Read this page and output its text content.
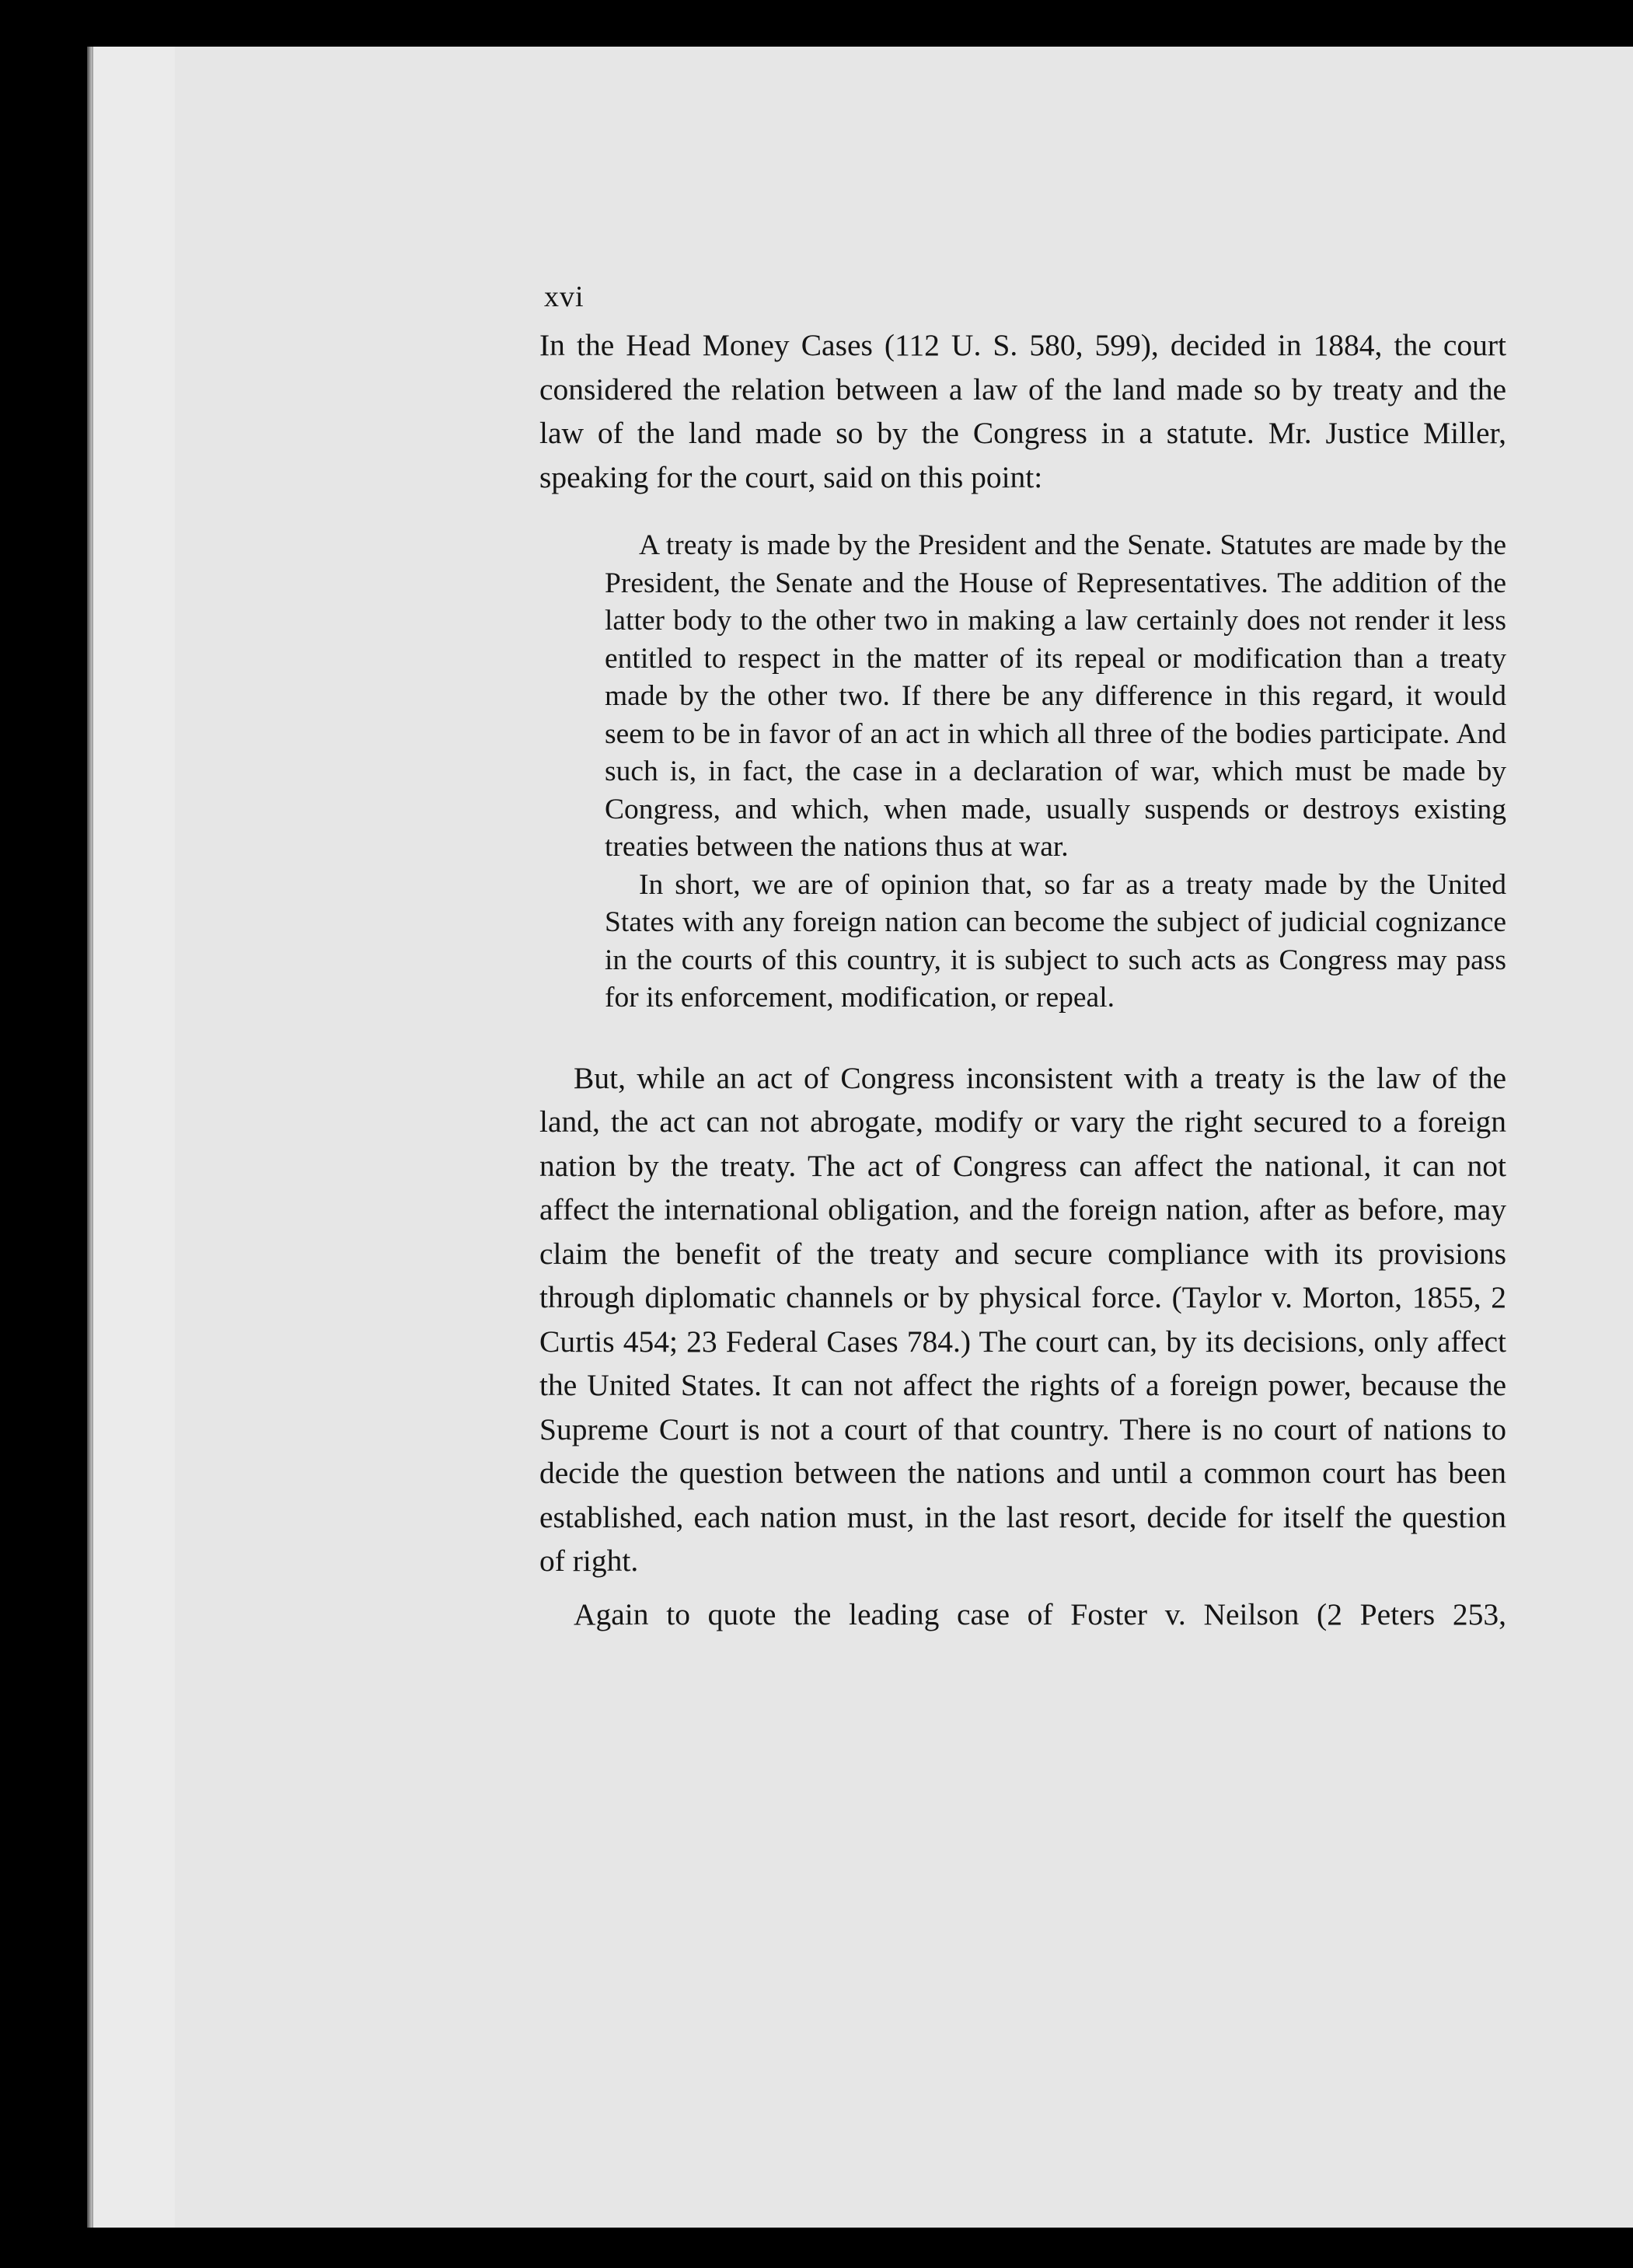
xvi

In the Head Money Cases (112 U. S. 580, 599), decided in 1884, the court considered the relation between a law of the land made so by treaty and the law of the land made so by the Congress in a statute. Mr. Justice Miller, speaking for the court, said on this point:

A treaty is made by the President and the Senate. Statutes are made by the President, the Senate and the House of Representatives. The addition of the latter body to the other two in making a law certainly does not render it less entitled to respect in the matter of its repeal or modification than a treaty made by the other two. If there be any difference in this regard, it would seem to be in favor of an act in which all three of the bodies participate. And such is, in fact, the case in a declaration of war, which must be made by Congress, and which, when made, usually suspends or destroys existing treaties between the nations thus at war.

In short, we are of opinion that, so far as a treaty made by the United States with any foreign nation can become the subject of judicial cognizance in the courts of this country, it is subject to such acts as Congress may pass for its enforcement, modification, or repeal.

But, while an act of Congress inconsistent with a treaty is the law of the land, the act can not abrogate, modify or vary the right secured to a foreign nation by the treaty. The act of Congress can affect the national, it can not affect the international obligation, and the foreign nation, after as before, may claim the benefit of the treaty and secure compliance with its provisions through diplomatic channels or by physical force. (Taylor v. Morton, 1855, 2 Curtis 454; 23 Federal Cases 784.) The court can, by its decisions, only affect the United States. It can not affect the rights of a foreign power, because the Supreme Court is not a court of that country. There is no court of nations to decide the question between the nations and until a common court has been established, each nation must, in the last resort, decide for itself the question of right.

Again to quote the leading case of Foster v. Neilson (2 Peters 253,
